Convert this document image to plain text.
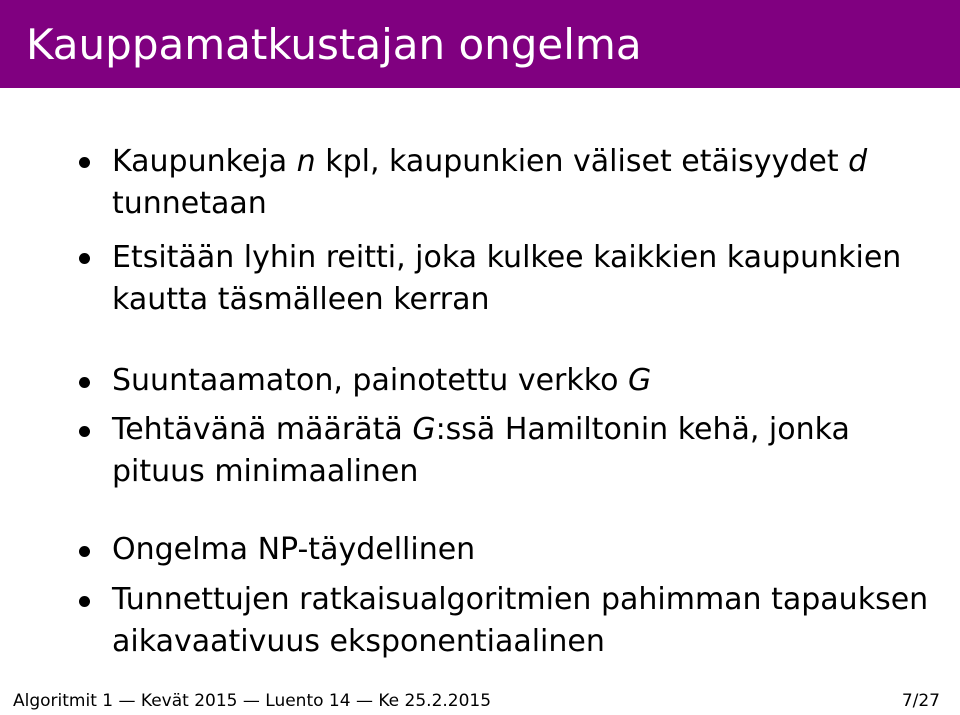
Kauppamatkustajan ongelma
Kaupunkeja n kpl, kaupunkien väliset etäisyydet d
tunnetaan
Etsitään lyhin reitti, joka kulkee kaikkien kaupunkien
kautta täsmälleen kerran
Suuntaamaton, painotettu verkko G
Tehtävänä määrätä G:ssä Hamiltonin kehä, jonka
pituus minimaalinen
Ongelma NP-täydellinen
Tunnettujen ratkaisualgoritmien pahimman tapauksen
aikavaativuus eksponentiaalinen
Algoritmit 1 — Kevät 2015 — Luento 14 — Ke 25.2.2015	7/27
